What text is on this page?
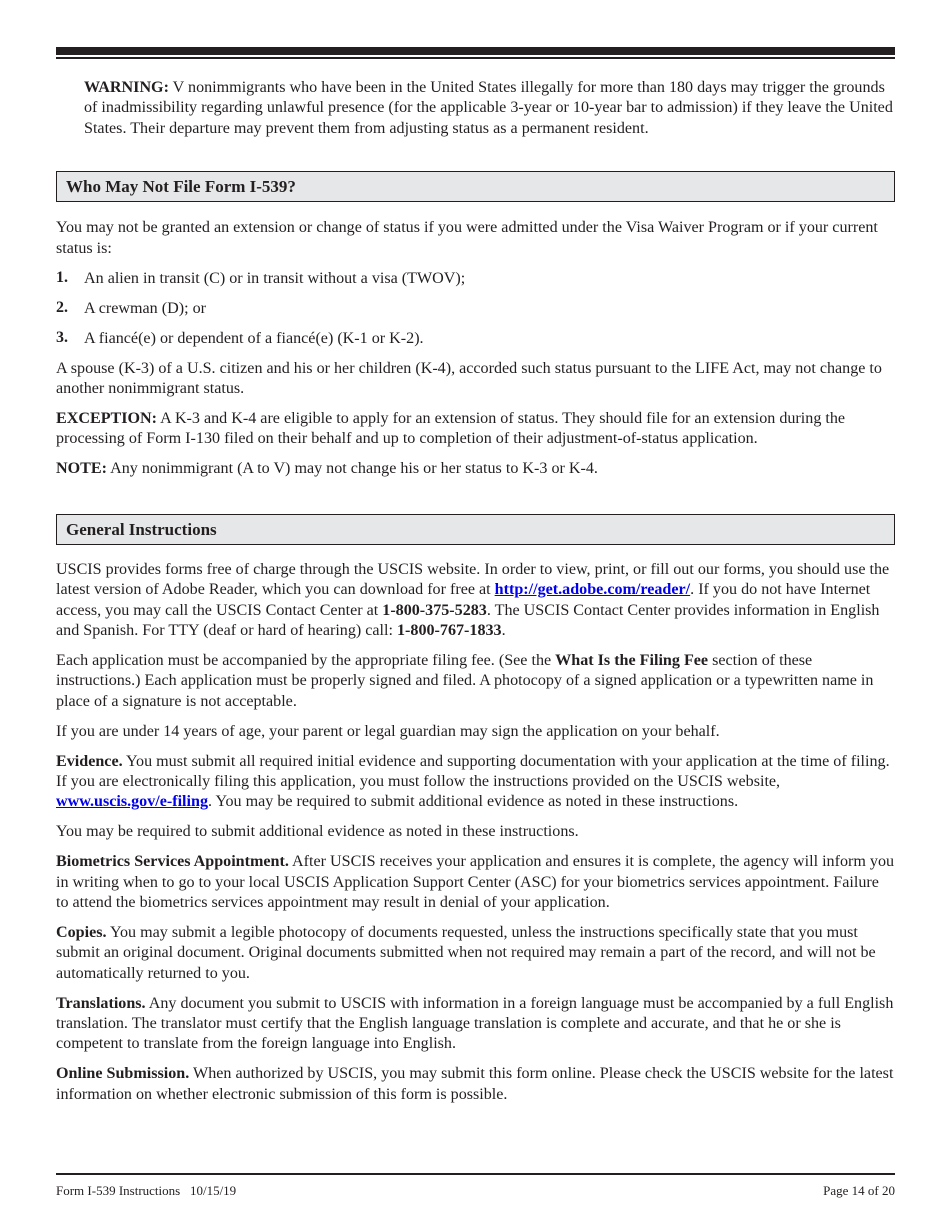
WARNING: V nonimmigrants who have been in the United States illegally for more than 180 days may trigger the grounds of inadmissibility regarding unlawful presence (for the applicable 3-year or 10-year bar to admission) if they leave the United States. Their departure may prevent them from adjusting status as a permanent resident.

Who May Not File Form I-539?

You may not be granted an extension or change of status if you were admitted under the Visa Waiver Program or if your current status is:

1. An alien in transit (C) or in transit without a visa (TWOV);

2. A crewman (D); or

3. A fiancé(e) or dependent of a fiancé(e) (K-1 or K-2).

A spouse (K-3) of a U.S. citizen and his or her children (K-4), accorded such status pursuant to the LIFE Act, may not change to another nonimmigrant status.

EXCEPTION: A K-3 and K-4 are eligible to apply for an extension of status. They should file for an extension during the processing of Form I-130 filed on their behalf and up to completion of their adjustment-of-status application.

NOTE: Any nonimmigrant (A to V) may not change his or her status to K-3 or K-4.

General Instructions

USCIS provides forms free of charge through the USCIS website. In order to view, print, or fill out our forms, you should use the latest version of Adobe Reader, which you can download for free at http://get.adobe.com/reader/. If you do not have Internet access, you may call the USCIS Contact Center at 1-800-375-5283. The USCIS Contact Center provides information in English and Spanish. For TTY (deaf or hard of hearing) call: 1-800-767-1833.

Each application must be accompanied by the appropriate filing fee. (See the What Is the Filing Fee section of these instructions.) Each application must be properly signed and filed. A photocopy of a signed application or a typewritten name in place of a signature is not acceptable.

If you are under 14 years of age, your parent or legal guardian may sign the application on your behalf.

Evidence. You must submit all required initial evidence and supporting documentation with your application at the time of filing. If you are electronically filing this application, you must follow the instructions provided on the USCIS website, www.uscis.gov/e-filing. You may be required to submit additional evidence as noted in these instructions.

You may be required to submit additional evidence as noted in these instructions.

Biometrics Services Appointment. After USCIS receives your application and ensures it is complete, the agency will inform you in writing when to go to your local USCIS Application Support Center (ASC) for your biometrics services appointment. Failure to attend the biometrics services appointment may result in denial of your application.

Copies. You may submit a legible photocopy of documents requested, unless the instructions specifically state that you must submit an original document. Original documents submitted when not required may remain a part of the record, and will not be automatically returned to you.

Translations. Any document you submit to USCIS with information in a foreign language must be accompanied by a full English translation. The translator must certify that the English language translation is complete and accurate, and that he or she is competent to translate from the foreign language into English.

Online Submission. When authorized by USCIS, you may submit this form online. Please check the USCIS website for the latest information on whether electronic submission of this form is possible.

Form I-539 Instructions   10/15/19	Page 14 of 20
